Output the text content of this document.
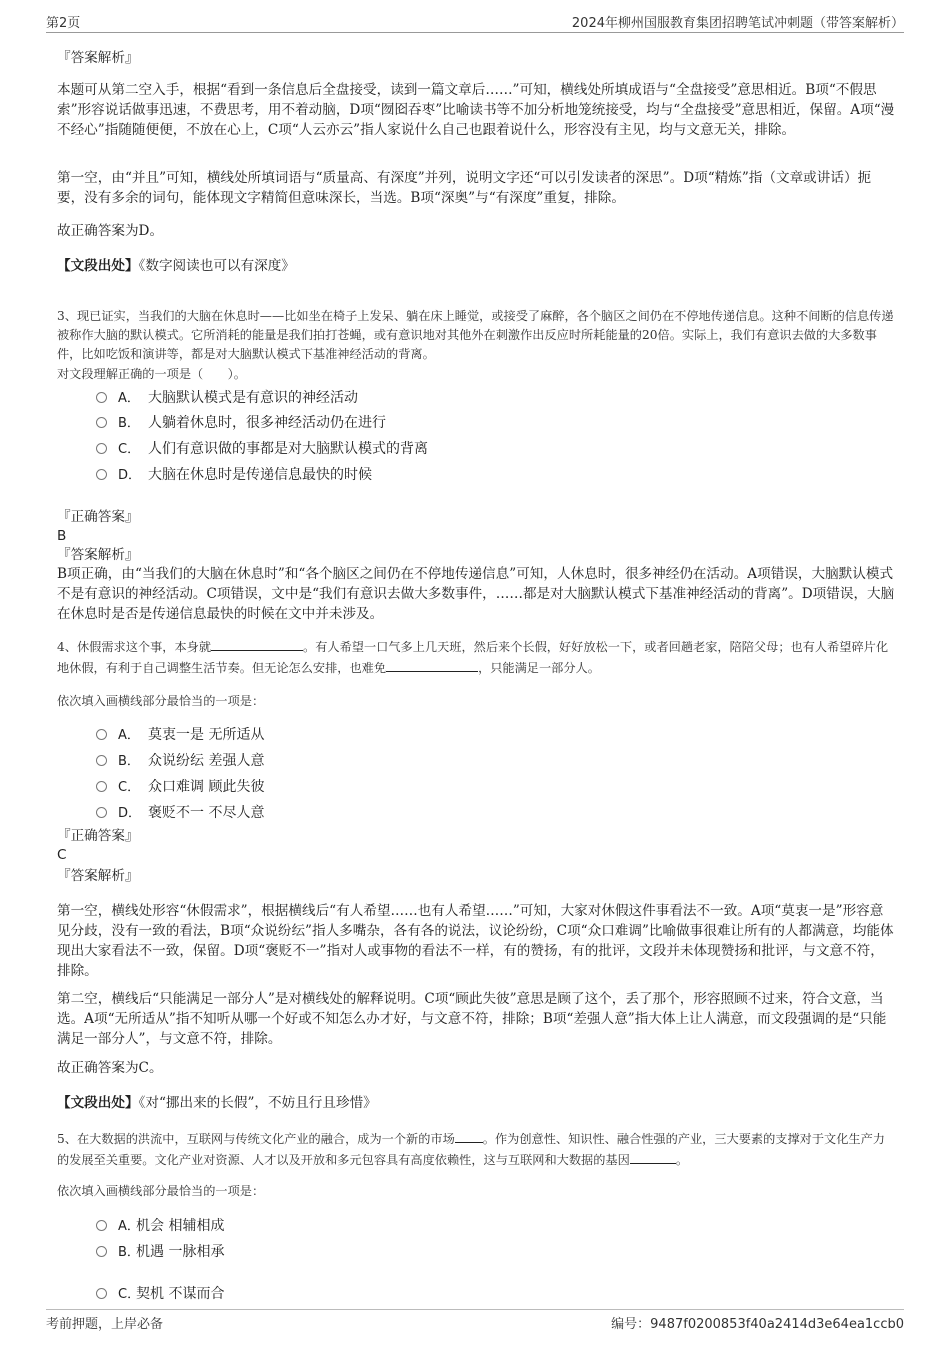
第2页	2024年柳州国服教育集团招聘笔试冲刺题（带答案解析）
『答案解析』
本题可从第二空入手，根据“看到一条信息后全盘接受，读到一篇文章后……”可知，横线处所填成语与“全盘接受”意思相近。B项“不假思索”形容说话做事迅速，不费思考，用不着动脑，D项“囫囵吞枣”比喻读书等不加分析地笼统接受，均与“全盘接受”意思相近，保留。A项“漫不经心”指随随便便，不放在心上，C项“人云亦云”指人家说什么自己也跟着说什么，形容没有主见，均与文意无关，排除。
第一空，由“并且”可知，横线处所填词语与“质量高、有深度”并列，说明文字还“可以引发读者的深思”。D项“精炼”指（文章或讲话）扼要，没有多余的词句，能体现文字精简但意味深长，当选。B项“深奥”与“有深度”重复，排除。
故正确答案为D。
【文段出处】《数字阅读也可以有深度》
3、现已证实，当我们的大脑在休息时——比如坐在椅子上发呆、躺在床上睡觉，或接受了麻醉，各个脑区之间仍在不停地传递信息。这种不间断的信息传递被称作大脑的默认模式。它所消耗的能量是我们拍打苍蝇，或有意识地对其他外在刺激作出反应时所耗能量的20倍。实际上，我们有意识去做的大多数事件，比如吃饭和演讲等，都是对大脑默认模式下基准神经活动的背离。
对文段理解正确的一项是（　　）。
A． 大脑默认模式是有意识的神经活动
B． 人躺着休息时，很多神经活动仍在进行
C． 人们有意识做的事都是对大脑默认模式的背离
D． 大脑在休息时是传递信息最快的时候
『正确答案』
B
『答案解析』
B项正确，由“当我们的大脑在休息时”和“各个脑区之间仍在不停地传递信息”可知，人休息时，很多神经仍在活动。A项错误，大脑默认模式不是有意识的神经活动。C项错误，文中是“我们有意识去做大多数事件，……都是对大脑默认模式下基准神经活动的背离”。D项错误，大脑在休息时是否是传递信息最快的时候在文中并未涉及。
4、休假需求这个事，本身就	。有人希望一口气多上几天班，然后来个长假，好好放松一下，或者回趟老家，陪陪父母；也有人希望碎片化地休假，有利于自己调整生活节奏。但无论怎么安排，也难免	，只能满足一部分人。
依次填入画横线部分最恰当的一项是：
A． 莫衷一是 无所适从
B． 众说纷纭 差强人意
C． 众口难调 顾此失彼
D． 褒贬不一 不尽人意
『正确答案』
C
『答案解析』
第一空，横线处形容“休假需求”，根据横线后“有人希望……也有人希望……”可知，大家对休假这件事看法不一致。A项“莫衷一是”形容意见分歧，没有一致的看法，B项“众说纷纭”指人多嘴杂，各有各的说法，议论纷纷，C项“众口难调”比喻做事很难让所有的人都满意，均能体现出大家看法不一致，保留。D项“褒贬不一”指对人或事物的看法不一样，有的赞扬，有的批评，文段并未体现赞扬和批评，与文意不符，排除。
第二空，横线后“只能满足一部分人”是对横线处的解释说明。C项“顾此失彼”意思是顾了这个，丢了那个，形容照顾不过来，符合文意，当选。A项“无所适从”指不知听从哪一个好或不知怎么办才好，与文意不符，排除；B项“差强人意”指大体上让人满意，而文段强调的是“只能满足一部分人”，与文意不符，排除。
故正确答案为C。
【文段出处】《对“挪出来的长假”，不妨且行且珍惜》
5、在大数据的洪流中，互联网与传统文化产业的融合，成为一个新的市场 。作为创意性、知识性、融合性强的产业，三大要素的支撑对于文化生产力的发展至关重要。文化产业对资源、人才以及开放和多元包容具有高度依赖性，这与互联网和大数据的基因	。
依次填入画横线部分最恰当的一项是：
A．机会 相辅相成
B．机遇 一脉相承
C．契机 不谋而合
考前押题，上岸必备	编号：9487f0200853f40a2414d3e64ea1ccb0
